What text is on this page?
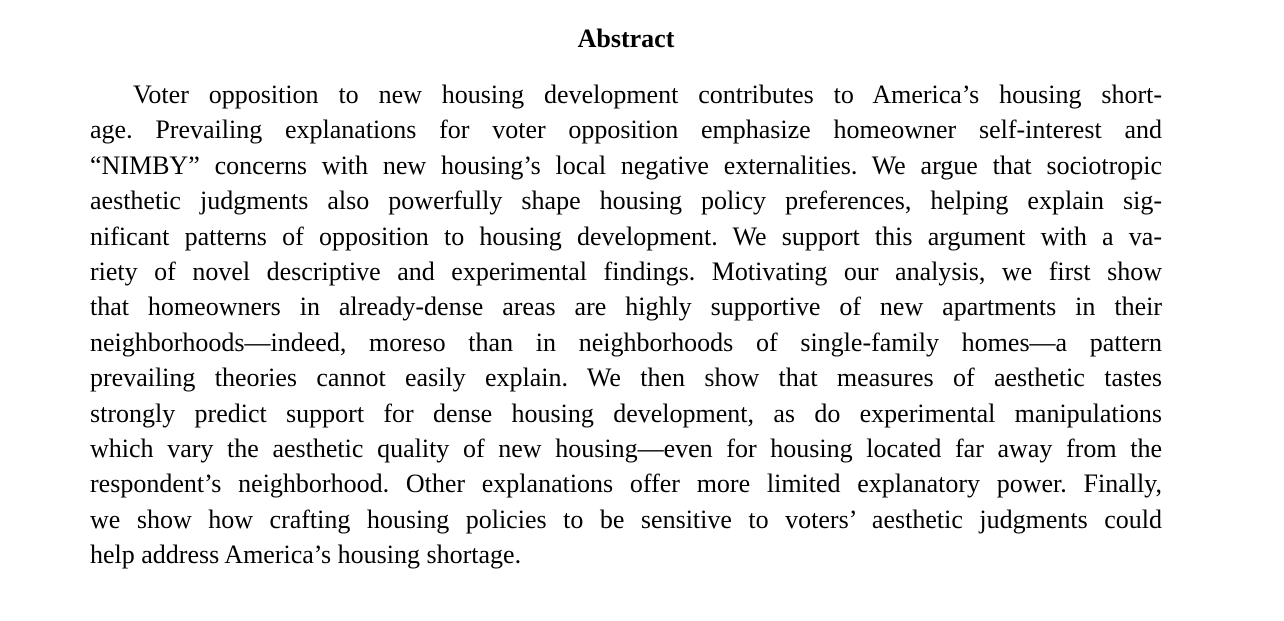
Abstract
Voter opposition to new housing development contributes to America’s housing short-
age. Prevailing explanations for voter opposition emphasize homeowner self-interest and
“NIMBY” concerns with new housing’s local negative externalities. We argue that sociotropic
aesthetic judgments also powerfully shape housing policy preferences, helping explain sig-
nificant patterns of opposition to housing development. We support this argument with a va-
riety of novel descriptive and experimental findings. Motivating our analysis, we first show
that homeowners in already-dense areas are highly supportive of new apartments in their
neighborhoods—indeed, moreso than in neighborhoods of single-family homes—a pattern
prevailing theories cannot easily explain. We then show that measures of aesthetic tastes
strongly predict support for dense housing development, as do experimental manipulations
which vary the aesthetic quality of new housing—even for housing located far away from the
respondent’s neighborhood. Other explanations offer more limited explanatory power. Finally,
we show how crafting housing policies to be sensitive to voters’ aesthetic judgments could
help address America’s housing shortage.
